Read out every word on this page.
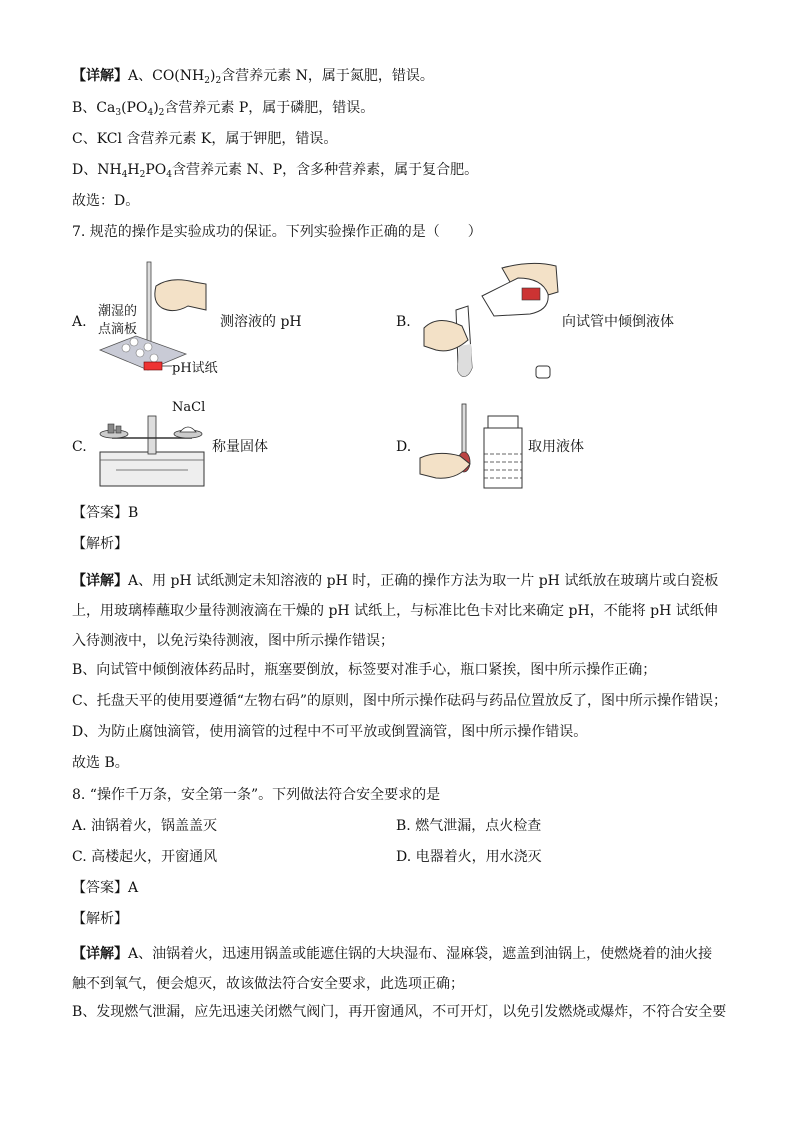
【详解】A、$CO(NH_2)_2$含营养元素 N，属于氮肥，错误。
B、$Ca_3(PO_4)_2$含营养元素 P，属于磷肥，错误。
C、KCl 含营养元素 K，属于钾肥，错误。
D、$NH_4H_2PO_4$含营养元素 N、P，含多种营养素，属于复合肥。
故选：D。
7. 规范的操作是实验成功的保证。下列实验操作正确的是（　　）
A.
潮湿的
点滴板
pH试纸
测溶液的 pH	B.	向试管中倾倒液体
C.
NaCl
称量固体	D.	取用液体
【答案】B
【解析】
【详解】A、用 pH 试纸测定未知溶液的 pH 时，正确的操作方法为取一片 pH 试纸放在玻璃片或白瓷板上，用玻璃棒蘸取少量待测液滴在干燥的 pH 试纸上，与标准比色卡对比来确定 pH，不能将 pH 试纸伸入待测液中，以免污染待测液，图中所示操作错误；
B、向试管中倾倒液体药品时，瓶塞要倒放，标签要对准手心，瓶口紧挨，图中所示操作正确；
C、托盘天平的使用要遵循“左物右码”的原则，图中所示操作砝码与药品位置放反了，图中所示操作错误；
D、为防止腐蚀滴管，使用滴管的过程中不可平放或倒置滴管，图中所示操作错误。
故选 B。
8. “操作千万条，安全第一条”。下列做法符合安全要求的是
A. 油锅着火，锅盖盖灭	B. 燃气泄漏，点火检查
C. 高楼起火，开窗通风	D. 电器着火，用水浇灭
【答案】A
【解析】
【详解】A、油锅着火，迅速用锅盖或能遮住锅的大块湿布、湿麻袋，遮盖到油锅上，使燃烧着的油火接触不到氧气，便会熄灭，故该做法符合安全要求，此选项正确；
B、发现燃气泄漏，应先迅速关闭燃气阀门，再开窗通风，不可开灯，以免引发燃烧或爆炸，不符合安全要
